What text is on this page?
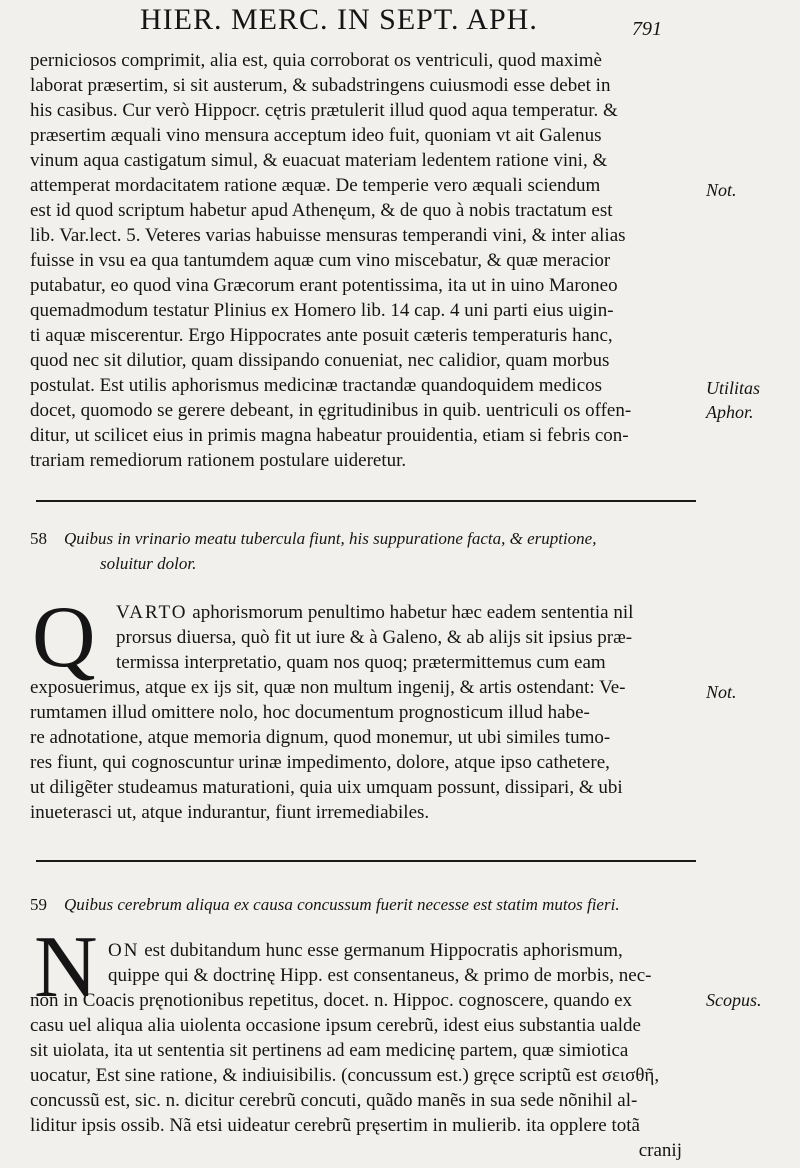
HIER. MERC. IN SEPT. APH.	791
perniciosos comprimit, alia est, quia corroborat os ventriculi, quod maximè
laborat præsertim, si sit austerum, & subadstringens cuiusmodi esse debet in
his casibus. Cur verò Hippocr. cętris prætulerit illud quod aqua temperatur. &
præsertim æquali vino mensura acceptum ideo fuit, quoniam vt ait Galenus
vinum aqua castigatum simul, & euacuat materiam ledentem ratione vini, &
attemperat mordacitatem ratione æquæ. De temperie vero æquali sciendum
est id quod scriptum habetur apud Athenęum, & de quo à nobis tractatum est
lib. Var.lect. 5. Veteres varias habuisse mensuras temperandi vini, & inter alias
fuisse in vsu ea qua tantumdem aquæ cum vino miscebatur, & quæ meracior
putabatur, eo quod vina Græcorum erant potentissima, ita ut in uino Maroneo
quemadmodum testatur Plinius ex Homero lib. 14 cap. 4 uni parti eius uigin-
ti aquæ miscerentur. Ergo Hippocrates ante posuit cæteris temperaturis hanc,
quod nec sit dilutior, quam dissipando conueniat, nec calidior, quam morbus
postulat. Est utilis aphorismus medicinæ tractandæ quandoquidem medicos
docet, quomodo se gerere debeant, in ęgritudinibus in quib. uentriculi os offen-
ditur, ut scilicet eius in primis magna habeatur prouidentia, etiam si febris con-
trariam remediorum rationem postulare uideretur.
Not.
Utilitas
Aphor.
58 Quibus in vrinario meatu tubercula fiunt, his suppuratione facta, & eruptione,
soluitur dolor.
Q	VARTO aphorismorum penultimo habetur hæc eadem sententia nil
prorsus diuersa, quò fit ut iure & à Galeno, & ab alijs sit ipsius præ-
termissa interpretatio, quam nos quoq; prætermittemus cum eam
exposuerimus, atque ex ijs sit, quæ non multum ingenij, & artis ostendant: Ve-
rumtamen illud omittere nolo, hoc documentum prognosticum illud habe-
re adnotatione, atque memoria dignum, quod monemur, ut ubi similes tumo-
res fiunt, qui cognoscuntur urinæ impedimento, dolore, atque ipso cathetere,
ut diligẽter studeamus maturationi, quia uix umquam possunt, dissipari, & ubi
inueterasci ut, atque indurantur, fiunt irremediabiles.
Not.
59 Quibus cerebrum aliqua ex causa concussum fuerit necesse est statim mutos fieri.
N ON est dubitandum hunc esse germanum Hippocratis aphorismum,
quippe qui & doctrinę Hipp. est consentaneus, & primo de morbis, nec-
non in Coacis pręnotionibus repetitus, docet. n. Hippoc. cognoscere, quando ex
casu uel aliqua alia uiolenta occasione ipsum cerebrũ, idest eius substantia ualde
sit uiolata, ita ut sententia sit pertinens ad eam medicinę partem, quæ simiotica
uocatur, Est sine ratione, & indiuisibilis. (concussum est.) gręce scriptũ est σεισθῆ,
concussũ est, sic. n. dicitur cerebrũ concuti, quãdo manẽs in sua sede nõnihil al-
liditur ipsis ossib. Nã etsi uideatur cerebrũ pręsertim in mulierib. ita opplere totã
cranij
Scopus.
